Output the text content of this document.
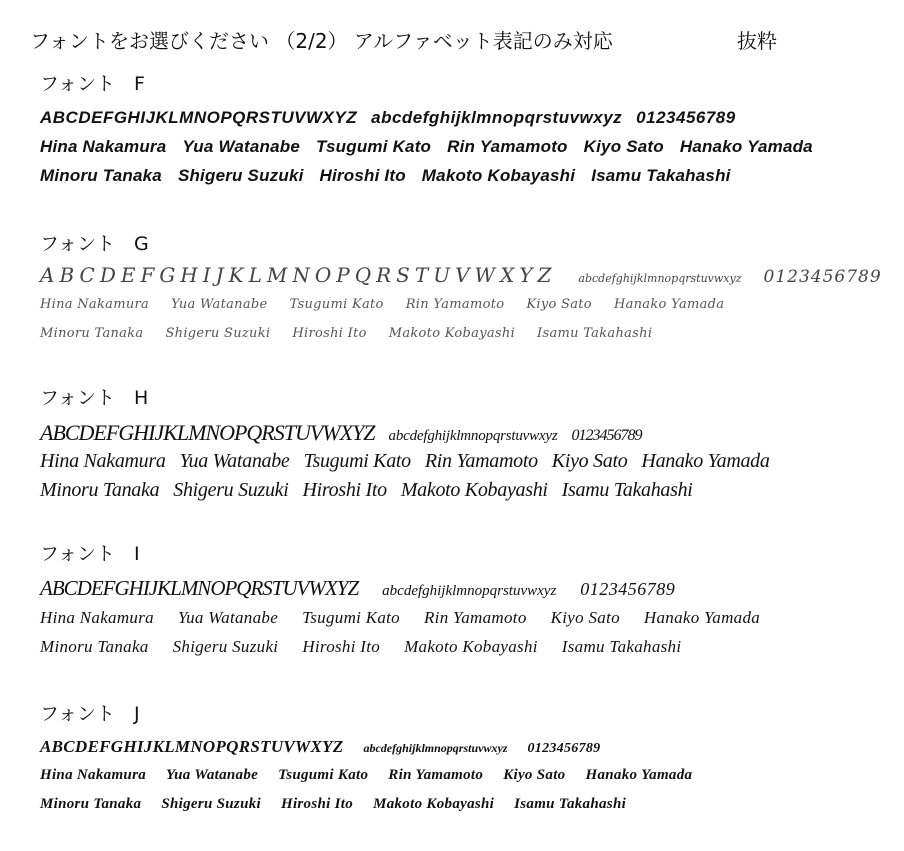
フォントをお選びください （2/2） アルファベット表記のみ対応	抜粋
フォント　F
ABCDEFGHIJKLMNOPQRSTUVWXYZ abcdefghijklmnopqrstuvwxyz 0123456789
Hina Nakamura Yua Watanabe Tsugumi Kato Rin Yamamoto Kiyo Sato Hanako Yamada
Minoru Tanaka Shigeru Suzuki Hiroshi Ito Makoto Kobayashi Isamu Takahashi
フォント　G
ABCDEFGHIJKLMNOPQRSTUVWXYZ abcdefghijklmnopqrstuvwxyz 0123456789
Hina Nakamura Yua Watanabe Tsugumi Kato Rin Yamamoto Kiyo Sato Hanako Yamada
Minoru Tanaka Shigeru Suzuki Hiroshi Ito Makoto Kobayashi Isamu Takahashi
フォント　H
ABCDEFGHIJKLMNOPQRSTUVWXYZ abcdefghijklmnopqrstuvwxyz 0123456789
Hina Nakamura Yua Watanabe Tsugumi Kato Rin Yamamoto Kiyo Sato Hanako Yamada
Minoru Tanaka Shigeru Suzuki Hiroshi Ito Makoto Kobayashi Isamu Takahashi
フォント　I
ABCDEFGHIJKLMNOPQRSTUVWXYZ abcdefghijklmnopqrstuvwxyz 0123456789
Hina Nakamura Yua Watanabe Tsugumi Kato Rin Yamamoto Kiyo Sato Hanako Yamada
Minoru Tanaka Shigeru Suzuki Hiroshi Ito Makoto Kobayashi Isamu Takahashi
フォント　J
ABCDEFGHIJKLMNOPQRSTUVWXYZ abcdefghijklmnopqrstuvwxyz 0123456789
Hina Nakamura Yua Watanabe Tsugumi Kato Rin Yamamoto Kiyo Sato Hanako Yamada
Minoru Tanaka Shigeru Suzuki Hiroshi Ito Makoto Kobayashi Isamu Takahashi
